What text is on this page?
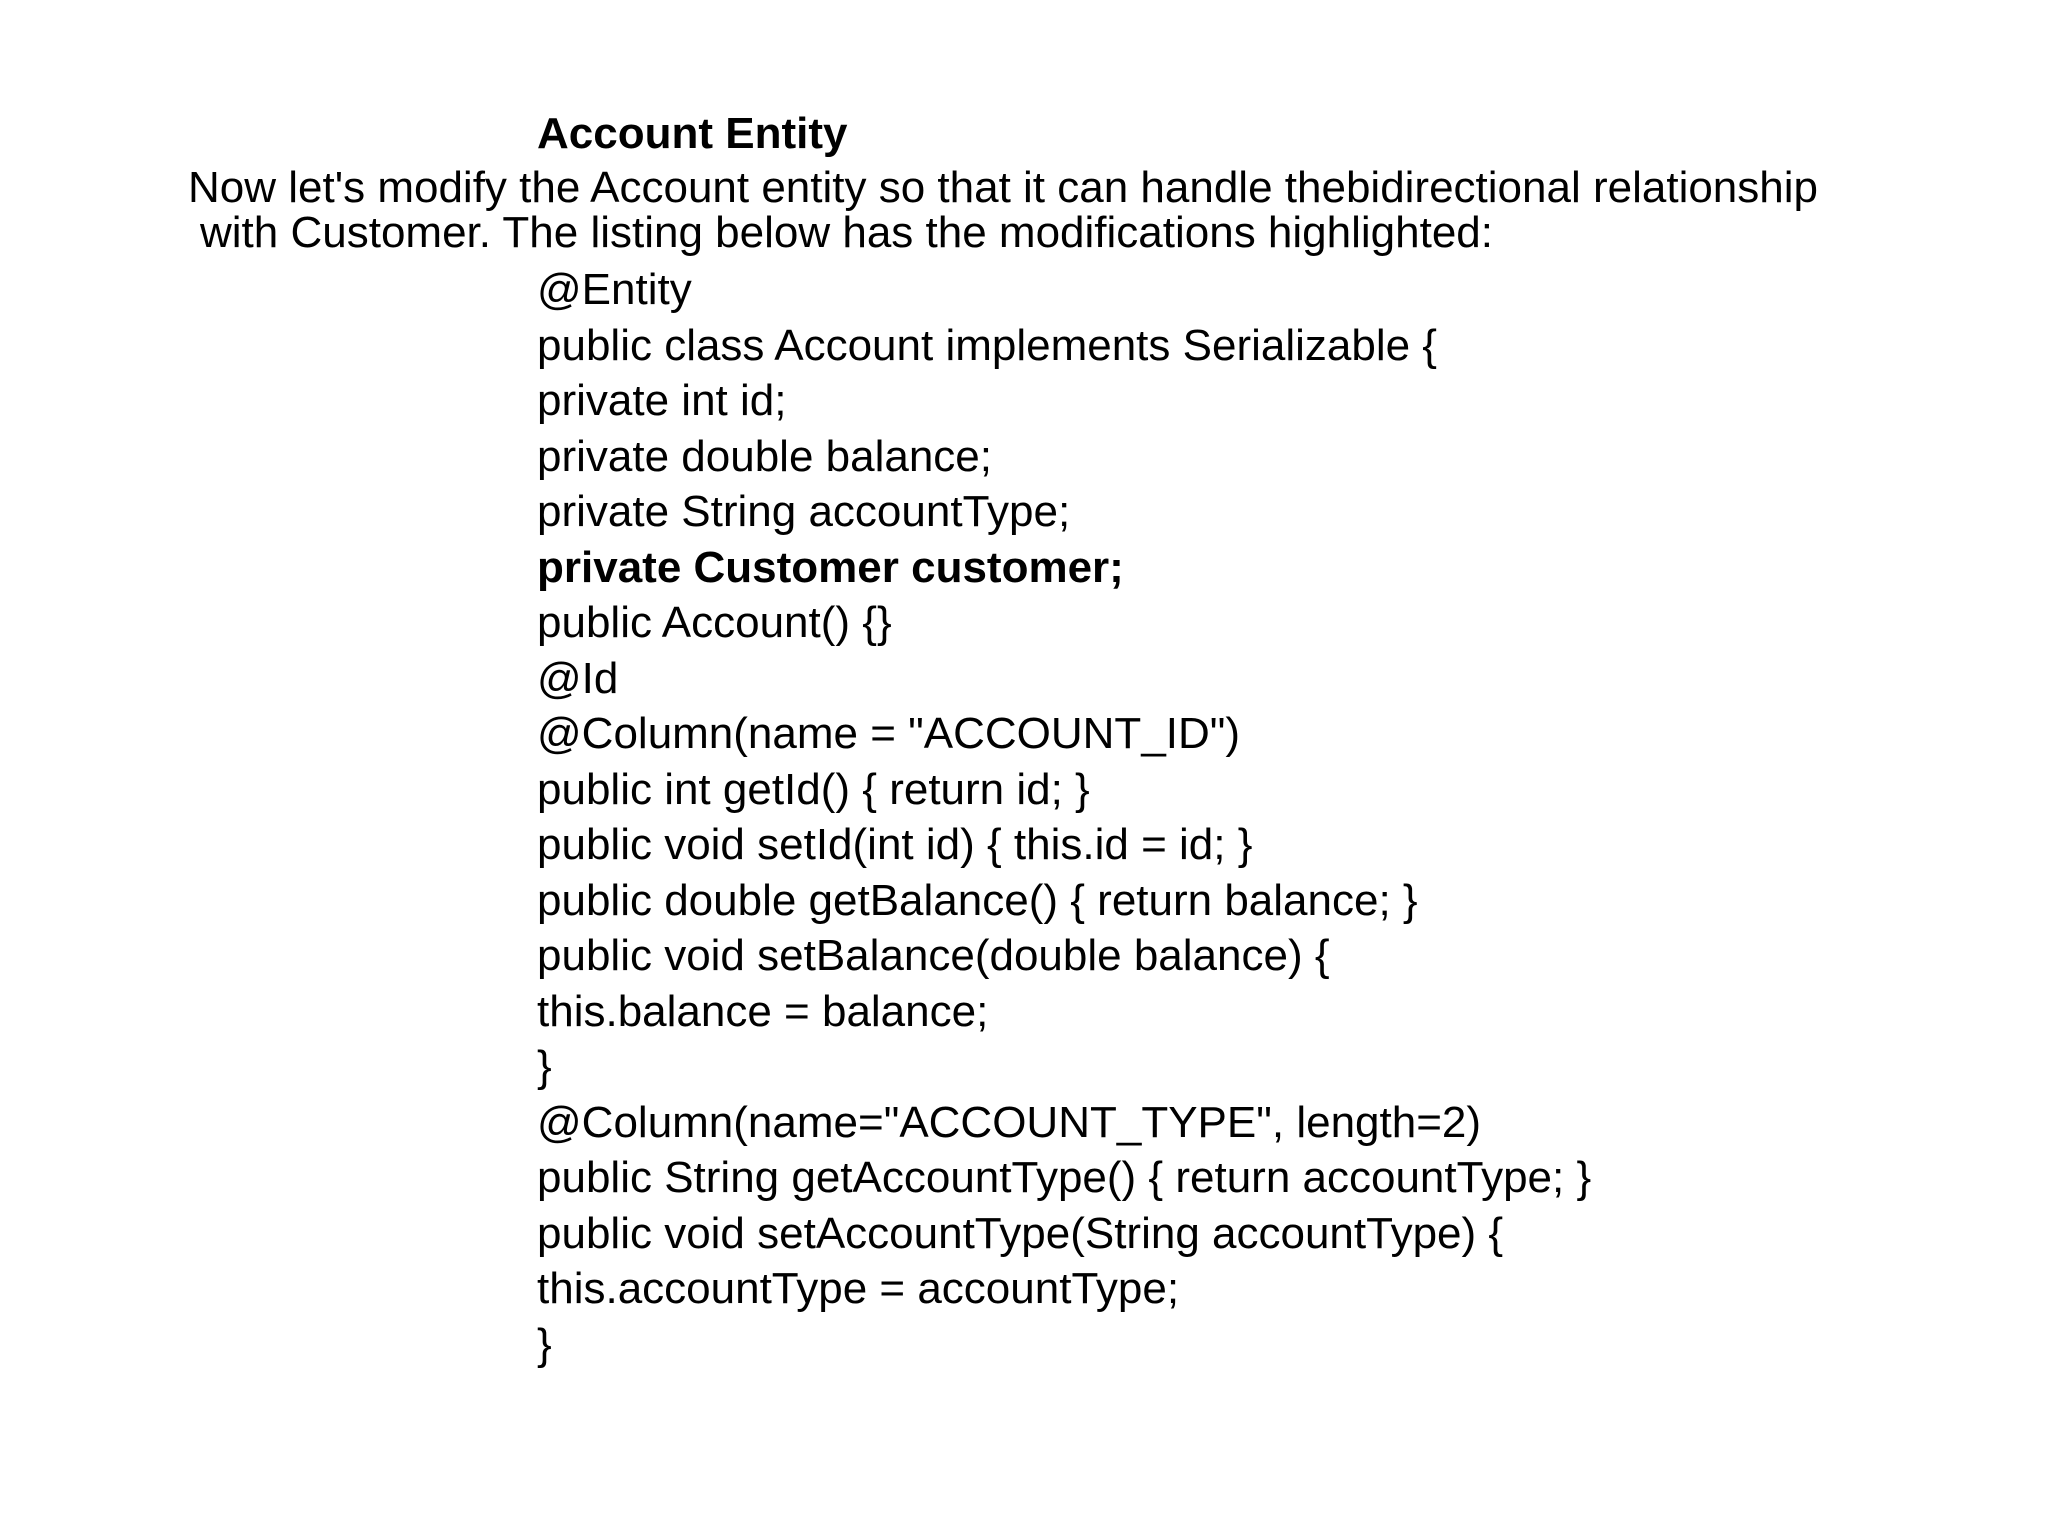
Account Entity
Now let's modify the Account entity so that it can handle thebidirectional relationship
with Customer. The listing below has the modifications highlighted:
@Entity
public class Account implements Serializable {
private int id;
private double balance;
private String accountType;
private Customer customer;
public Account() {}
@Id
@Column(name = "ACCOUNT_ID")
public int getId() { return id; }
public void setId(int id) { this.id = id; }
public double getBalance() { return balance; }
public void setBalance(double balance) {
this.balance = balance;
}
@Column(name="ACCOUNT_TYPE", length=2)
public String getAccountType() { return accountType; }
public void setAccountType(String accountType) {
this.accountType = accountType;
}
